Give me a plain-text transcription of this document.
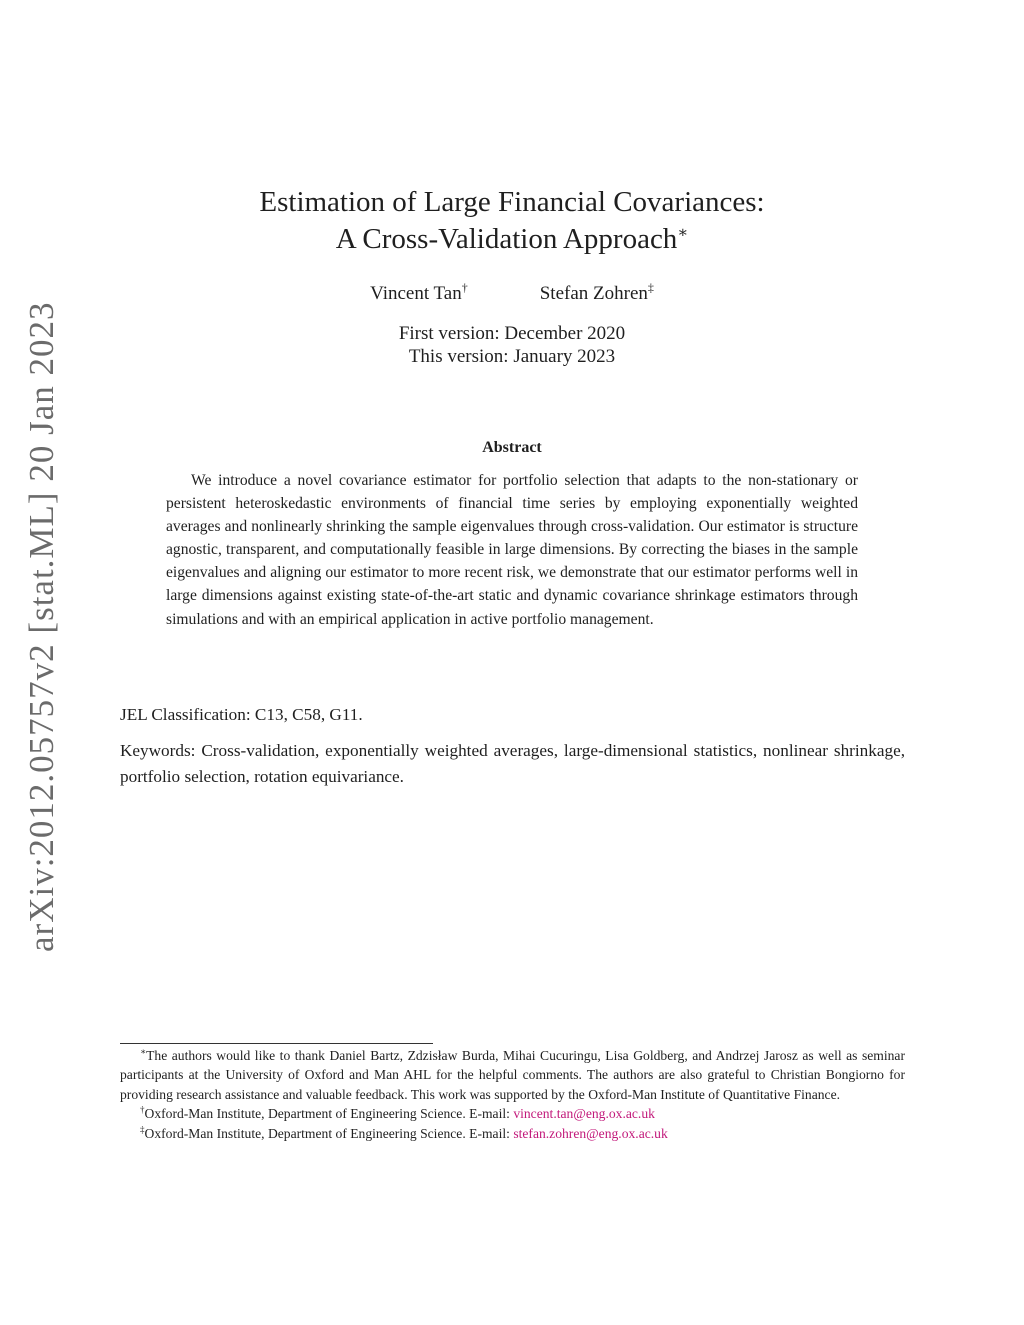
arXiv:2012.05757v2 [stat.ML] 20 Jan 2023
Estimation of Large Financial Covariances:
A Cross-Validation Approach∗
Vincent Tan†	Stefan Zohren‡
First version: December 2020
This version: January 2023
Abstract
We introduce a novel covariance estimator for portfolio selection that adapts to the non-stationary or persistent heteroskedastic environments of financial time series by employing exponentially weighted averages and nonlinearly shrinking the sample eigenvalues through cross-validation. Our estimator is structure agnostic, transparent, and computationally feasible in large dimensions. By correcting the biases in the sample eigenvalues and aligning our estimator to more recent risk, we demonstrate that our estimator performs well in large dimensions against existing state-of-the-art static and dynamic covariance shrinkage estimators through simulations and with an empirical application in active portfolio management.
JEL Classification: C13, C58, G11.
Keywords: Cross-validation, exponentially weighted averages, large-dimensional statistics, nonlinear shrinkage, portfolio selection, rotation equivariance.

∗The authors would like to thank Daniel Bartz, Zdzisław Burda, Mihai Cucuringu, Lisa Goldberg, and Andrzej Jarosz as well as seminar participants at the University of Oxford and Man AHL for the helpful comments. The authors are also grateful to Christian Bongiorno for providing research assistance and valuable feedback. This work was supported by the Oxford-Man Institute of Quantitative Finance.

†Oxford-Man Institute, Department of Engineering Science. E-mail: vincent.tan@eng.ox.ac.uk

‡Oxford-Man Institute, Department of Engineering Science. E-mail: stefan.zohren@eng.ox.ac.uk
